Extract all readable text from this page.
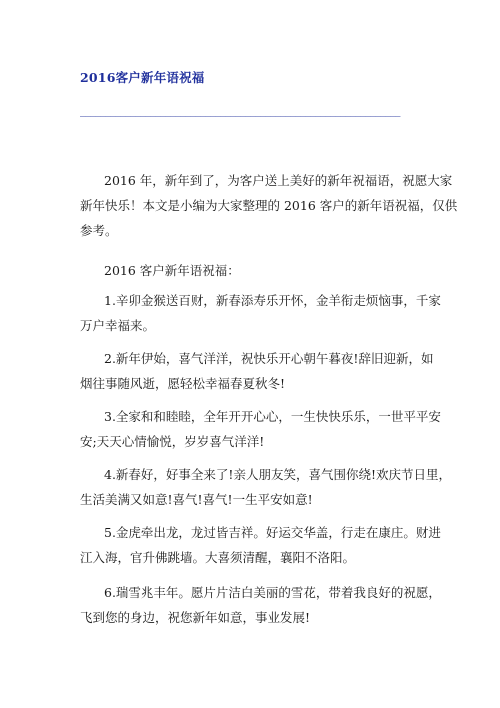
2016客户新年语祝福
________________________________________________________________
2016 年，新年到了，为客户送上美好的新年祝福语，祝愿大家
新年快乐！本文是小编为大家整理的 2016 客户的新年语祝福，仅供
参考。
2016 客户新年语祝福：
1.辛卯金猴送百财，新春添寿乐开怀，金羊衔走烦恼事，千家
万户幸福来。
2.新年伊始，喜气洋洋，祝快乐开心朝午暮夜!辞旧迎新，如
烟往事随风逝，愿轻松幸福春夏秋冬!
3.全家和和睦睦，全年开开心心，一生快快乐乐，一世平平安
安;天天心情愉悦，岁岁喜气洋洋!
4.新春好，好事全来了!亲人朋友笑，喜气围你绕!欢庆节日里，
生活美满又如意!喜气!喜气!一生平安如意!
5.金虎牵出龙，龙过皆吉祥。好运交华盖，行走在康庄。财进
江入海，官升佛跳墙。大喜须清醒，襄阳不洛阳。
6.瑞雪兆丰年。愿片片洁白美丽的雪花，带着我良好的祝愿，
飞到您的身边，祝您新年如意，事业发展!
